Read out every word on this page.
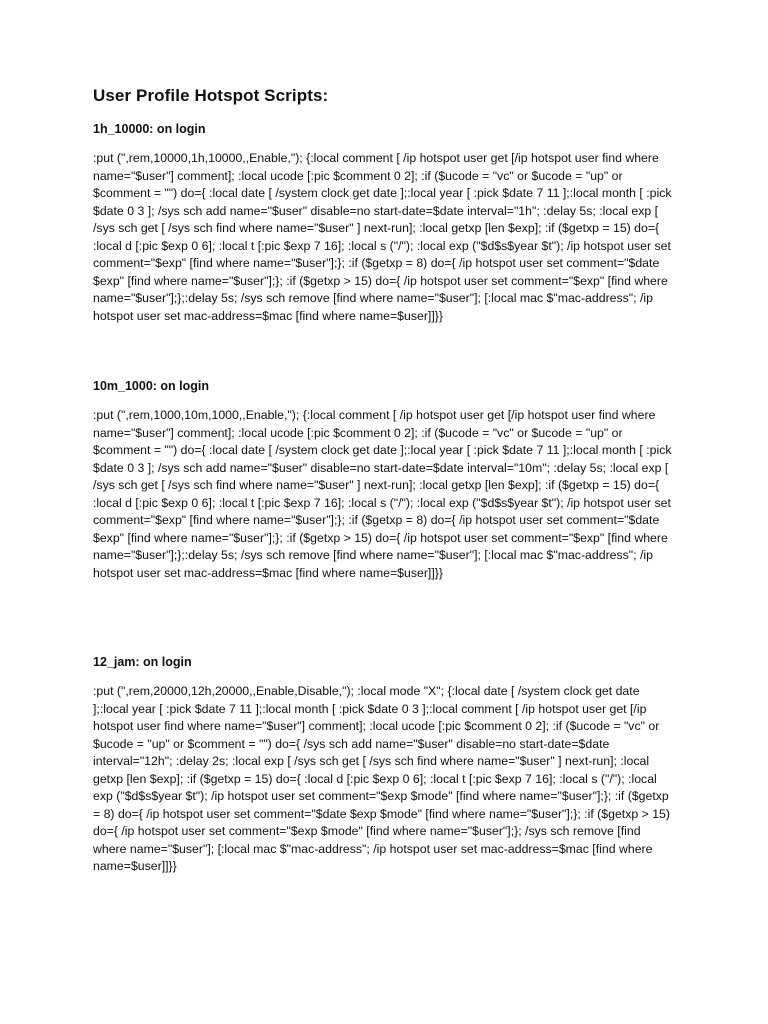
User Profile Hotspot Scripts:

1h_10000: on login

:put (",rem,10000,1h,10000,,Enable,"); {:local comment [ /ip hotspot user get [/ip hotspot user find where name="$user"] comment]; :local ucode [:pic $comment 0 2]; :if ($ucode = "vc" or $ucode = "up" or $comment = "") do={ :local date [ /system clock get date ];:local year [ :pick $date 7 11 ];:local month [ :pick $date 0 3 ]; /sys sch add name="$user" disable=no start-date=$date interval="1h"; :delay 5s; :local exp [ /sys sch get [ /sys sch find where name="$user" ] next-run]; :local getxp [len $exp]; :if ($getxp = 15) do={ :local d [:pic $exp 0 6]; :local t [:pic $exp 7 16]; :local s ("/"); :local exp ("$d$s$year $t"); /ip hotspot user set comment="$exp" [find where name="$user"];}; :if ($getxp = 8) do={ /ip hotspot user set comment="$date $exp" [find where name="$user"];}; :if ($getxp > 15) do={ /ip hotspot user set comment="$exp" [find where name="$user"];};:delay 5s; /sys sch remove [find where name="$user"]; [:local mac $"mac-address"; /ip hotspot user set mac-address=$mac [find where name=$user]]}}

10m_1000: on login

:put (",rem,1000,10m,1000,,Enable,"); {:local comment [ /ip hotspot user get [/ip hotspot user find where name="$user"] comment]; :local ucode [:pic $comment 0 2]; :if ($ucode = "vc" or $ucode = "up" or $comment = "") do={ :local date [ /system clock get date ];:local year [ :pick $date 7 11 ];:local month [ :pick $date 0 3 ]; /sys sch add name="$user" disable=no start-date=$date interval="10m"; :delay 5s; :local exp [ /sys sch get [ /sys sch find where name="$user" ] next-run]; :local getxp [len $exp]; :if ($getxp = 15) do={ :local d [:pic $exp 0 6]; :local t [:pic $exp 7 16]; :local s ("/"); :local exp ("$d$s$year $t"); /ip hotspot user set comment="$exp" [find where name="$user"];}; :if ($getxp = 8) do={ /ip hotspot user set comment="$date $exp" [find where name="$user"];}; :if ($getxp > 15) do={ /ip hotspot user set comment="$exp" [find where name="$user"];};:delay 5s; /sys sch remove [find where name="$user"]; [:local mac $"mac-address"; /ip hotspot user set mac-address=$mac [find where name=$user]]}}

12_jam: on login

:put (",rem,20000,12h,20000,,Enable,Disable,"); :local mode "X"; {:local date [ /system clock get date ];:local year [ :pick $date 7 11 ];:local month [ :pick $date 0 3 ];:local comment [ /ip hotspot user get [/ip hotspot user find where name="$user"] comment]; :local ucode [:pic $comment 0 2]; :if ($ucode = "vc" or $ucode = "up" or $comment = "") do={ /sys sch add name="$user" disable=no start-date=$date interval="12h"; :delay 2s; :local exp [ /sys sch get [ /sys sch find where name="$user" ] next-run]; :local getxp [len $exp]; :if ($getxp = 15) do={ :local d [:pic $exp 0 6]; :local t [:pic $exp 7 16]; :local s ("/"); :local exp ("$d$s$year $t"); /ip hotspot user set comment="$exp $mode" [find where name="$user"];}; :if ($getxp = 8) do={ /ip hotspot user set comment="$date $exp $mode" [find where name="$user"];}; :if ($getxp > 15) do={ /ip hotspot user set comment="$exp $mode" [find where name="$user"];}; /sys sch remove [find where name="$user"]; [:local mac $"mac-address"; /ip hotspot user set mac-address=$mac [find where name=$user]]}}
